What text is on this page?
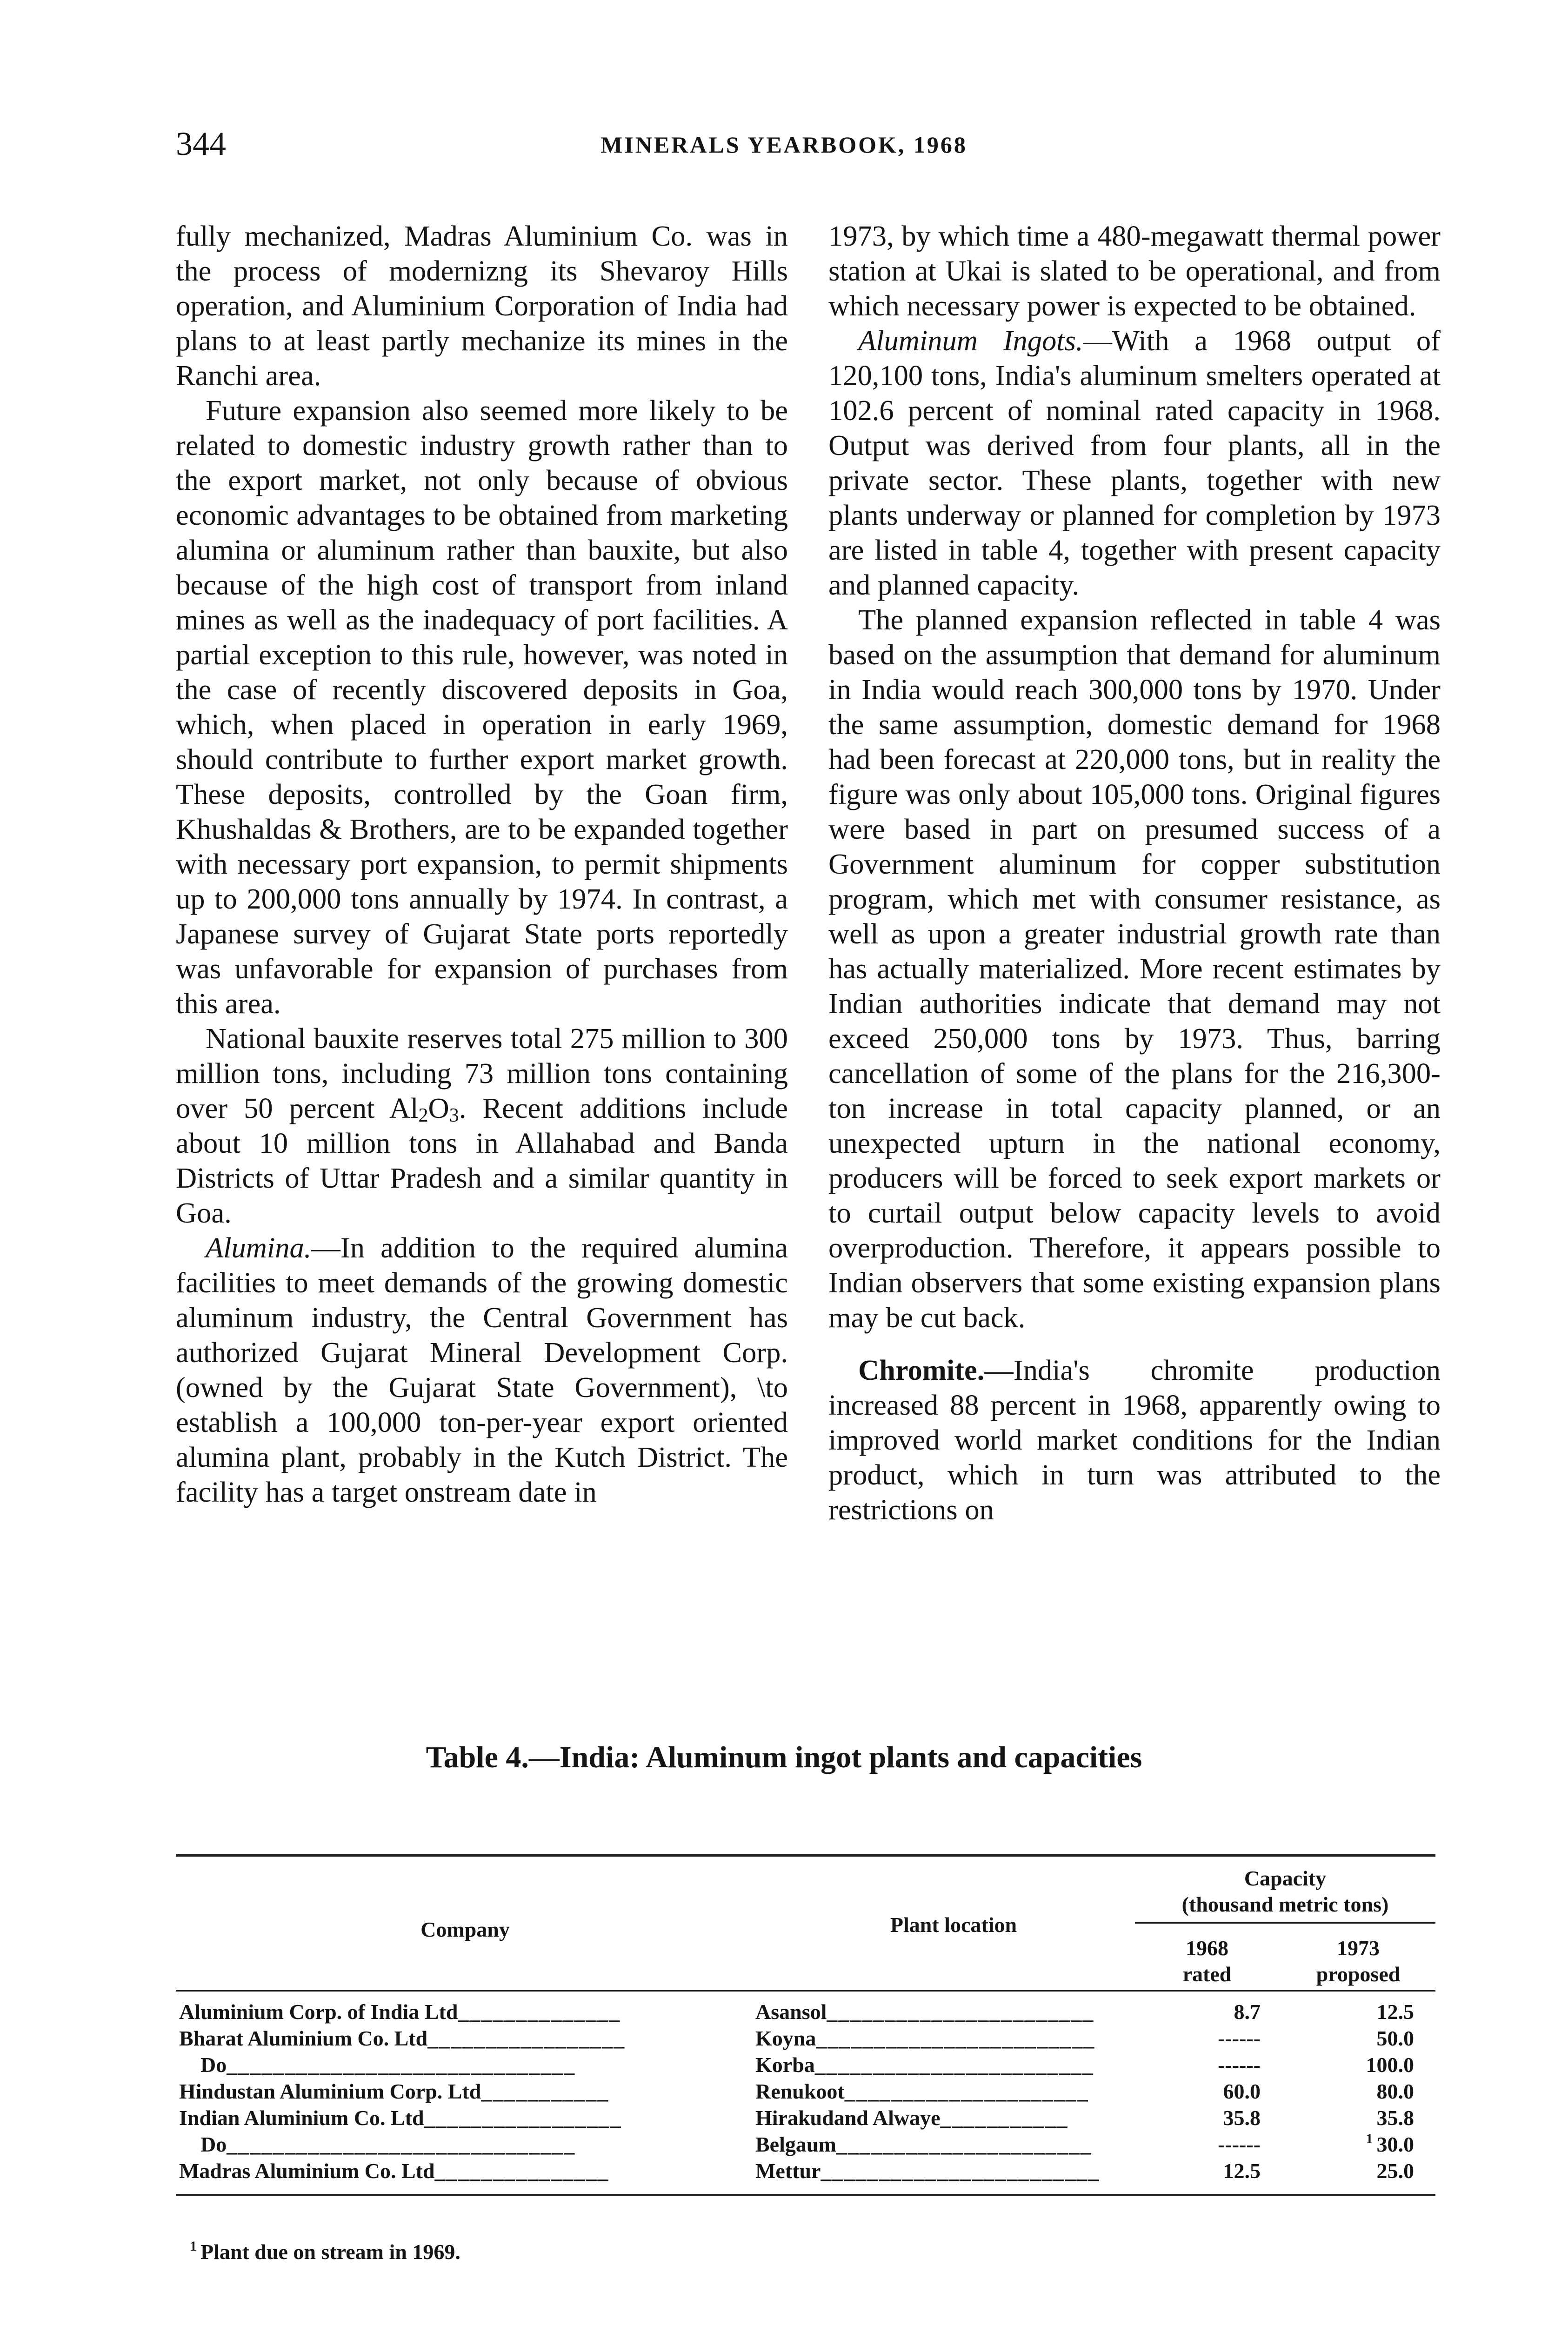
344	MINERALS YEARBOOK, 1968

fully mechanized, Madras Aluminium Co. was in the process of modernizng its Shevaroy Hills operation, and Aluminium Corporation of India had plans to at least partly mechanize its mines in the Ranchi area.

Future expansion also seemed more likely to be related to domestic industry growth rather than to the export market, not only because of obvious economic advantages to be obtained from marketing alumina or aluminum rather than bauxite, but also because of the high cost of transport from inland mines as well as the inadequacy of port facilities. A partial exception to this rule, however, was noted in the case of recently discovered deposits in Goa, which, when placed in operation in early 1969, should contribute to further export market growth. These deposits, controlled by the Goan firm, Khushaldas & Brothers, are to be expanded together with necessary port expansion, to permit shipments up to 200,000 tons annually by 1974. In contrast, a Japanese survey of Gujarat State ports reportedly was unfavorable for expansion of purchases from this area.

National bauxite reserves total 275 million to 300 million tons, including 73 million tons containing over 50 percent $Al_2O_3$. Recent additions include about 10 million tons in Allahabad and Banda Districts of Uttar Pradesh and a similar quantity in Goa.

Alumina.—In addition to the required alumina facilities to meet demands of the growing domestic aluminum industry, the Central Government has authorized Gujarat Mineral Development Corp. (owned by the Gujarat State Government), \to establish a 100,000 ton-per-year export oriented alumina plant, probably in the Kutch District. The facility has a target onstream date in

1973, by which time a 480-megawatt thermal power station at Ukai is slated to be operational, and from which necessary power is expected to be obtained.

Aluminum Ingots.—With a 1968 output of 120,100 tons, India's aluminum smelters operated at 102.6 percent of nominal rated capacity in 1968. Output was derived from four plants, all in the private sector. These plants, together with new plants underway or planned for completion by 1973 are listed in table 4, together with present capacity and planned capacity.

The planned expansion reflected in table 4 was based on the assumption that demand for aluminum in India would reach 300,000 tons by 1970. Under the same assumption, domestic demand for 1968 had been forecast at 220,000 tons, but in reality the figure was only about 105,000 tons. Original figures were based in part on presumed success of a Government aluminum for copper substitution program, which met with consumer resistance, as well as upon a greater industrial growth rate than has actually materialized. More recent estimates by Indian authorities indicate that demand may not exceed 250,000 tons by 1973. Thus, barring cancellation of some of the plans for the 216,300-ton increase in total capacity planned, or an unexpected upturn in the national economy, producers will be forced to seek export markets or to curtail output below capacity levels to avoid overproduction. Therefore, it appears possible to Indian observers that some existing expansion plans may be cut back.

Chromite.—India's chromite production increased 88 percent in 1968, apparently owing to improved world market conditions for the Indian product, which in turn was attributed to the restrictions on

Table 4.—India: Aluminum ingot plants and capacities
Company	Plant location
Capacity
(thousand metric tons)
1968
rated
1973
proposed
Aluminium Corp. of India Ltd______________
Bharat Aluminium Co. Ltd_________________
Do______________________________
Hindustan Aluminium Corp. Ltd___________
Indian Aluminium Co. Ltd_________________
Do______________________________
Madras Aluminium Co. Ltd_______________
Asansol_______________________
Koyna________________________
Korba________________________
Renukoot_____________________
Hirakudand Alwaye___________
Belgaum______________________
Mettur________________________
8.7
------
------
60.0
35.8
------
12.5
12.5
50.0
100.0
80.0
35.8
$^1$ 30.0
25.0
$^1$ Plant due on stream in 1969.
